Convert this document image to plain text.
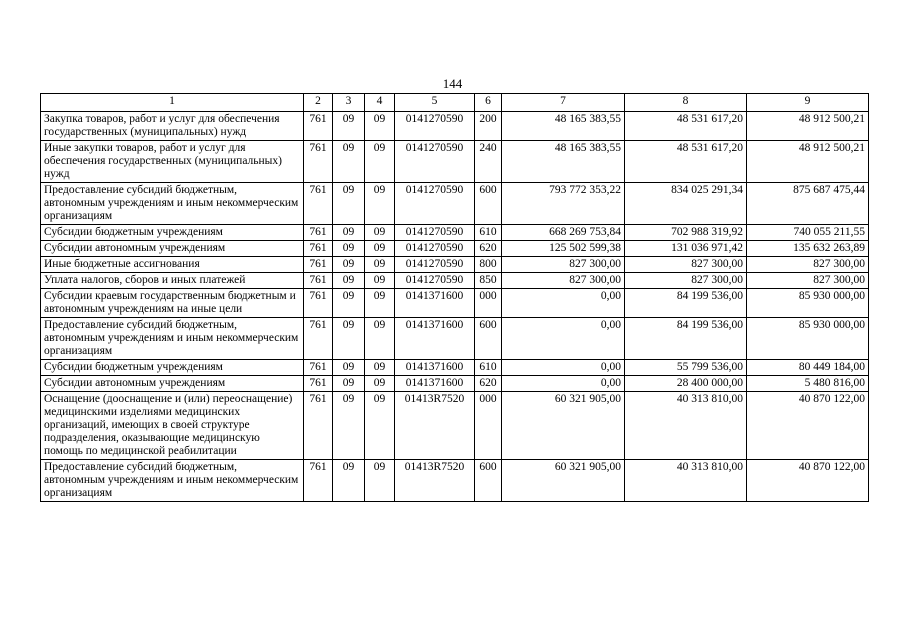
144
1	2	3	4	5	6	7	8	9
Закупка товаров, работ и услуг для обеспечения государственных (муниципальных) нужд	761	09	09	0141270590	200	48 165 383,55	48 531 617,20	48 912 500,21
Иные закупки товаров, работ и услуг для обеспечения государственных (муниципальных) нужд	761	09	09	0141270590	240	48 165 383,55	48 531 617,20	48 912 500,21
Предоставление субсидий бюджетным, автономным учреждениям и иным некоммерческим организациям	761	09	09	0141270590	600	793 772 353,22	834 025 291,34	875 687 475,44
Субсидии бюджетным учреждениям	761	09	09	0141270590	610	668 269 753,84	702 988 319,92	740 055 211,55
Субсидии автономным учреждениям	761	09	09	0141270590	620	125 502 599,38	131 036 971,42	135 632 263,89
Иные бюджетные ассигнования	761	09	09	0141270590	800	827 300,00	827 300,00	827 300,00
Уплата налогов, сборов и иных платежей	761	09	09	0141270590	850	827 300,00	827 300,00	827 300,00
Субсидии краевым государственным бюджетным и автономным учреждениям на иные цели	761	09	09	0141371600	000	0,00	84 199 536,00	85 930 000,00
Предоставление субсидий бюджетным, автономным учреждениям и иным некоммерческим организациям	761	09	09	0141371600	600	0,00	84 199 536,00	85 930 000,00
Субсидии бюджетным учреждениям	761	09	09	0141371600	610	0,00	55 799 536,00	80 449 184,00
Субсидии автономным учреждениям	761	09	09	0141371600	620	0,00	28 400 000,00	5 480 816,00
Оснащение (дооснащение и (или) переоснащение) медицинскими изделиями медицинских организаций, имеющих в своей структуре подразделения, оказывающие медицинскую помощь по медицинской реабилитации	761	09	09	01413R7520	000	60 321 905,00	40 313 810,00	40 870 122,00
Предоставление субсидий бюджетным, автономным учреждениям и иным некоммерческим организациям	761	09	09	01413R7520	600	60 321 905,00	40 313 810,00	40 870 122,00
